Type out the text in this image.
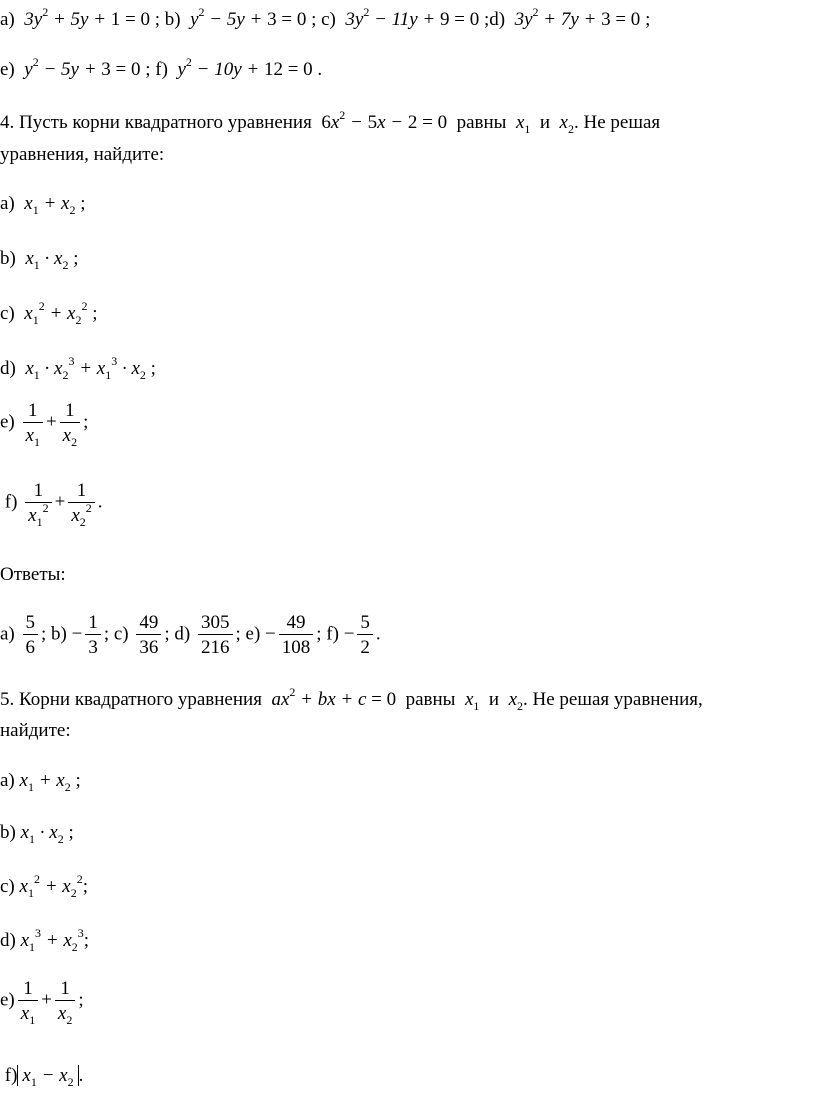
а) $3y^2 + 5y + 1 = 0$ ; b) $y^2 - 5y + 3 = 0$ ; c) $3y^2 - 11y + 9 = 0$ ;d) $3y^2 + 7y + 3 = 0$ ;
e) $y^2 - 5y + 3 = 0$ ; f) $y^2 - 10y + 12 = 0$ .
4. Пусть корни квадратного уравнения $6x^2 - 5x - 2 = 0$ равны $x_1$ и $x_2$. Не решая
уравнения, найдите:
а) $x_1 + x_2$ ;
b) $x_1 \cdot x_2$ ;
c) $x_1^2 + x_2^2$ ;
d) $x_1 \cdot x_2^3 + x_1^3 \cdot x_2$ ;
$e) \frac{1}{x_1} + \frac{1}{x_2}$ ;
$f) \frac{1}{x_1^2} + \frac{1}{x_2^2}$ .
Ответы:
$а) \frac{5}{6}$ ; $b) - \frac{1}{3}$ ; $c) \frac{49}{36}$ ; $d) \frac{305}{216}$ ; $e) - \frac{49}{108}$ ; $f) - \frac{5}{2}$ .
5. Корни квадратного уравнения $ax^2$ + bx + c = 0 равны $x_1$ и $x_2$. Не решая уравнения,
найдите:
а) $x_1 + x_2$ ;
b) $x_1 \cdot x_2$ ;
c) $x_1^2 + x_2^2$;
d) $x_1^3 + x_2^3$;
$e) \frac{1}{x_1} + \frac{1}{x_2}$ ;
f) $x_1 - x_2$ .
